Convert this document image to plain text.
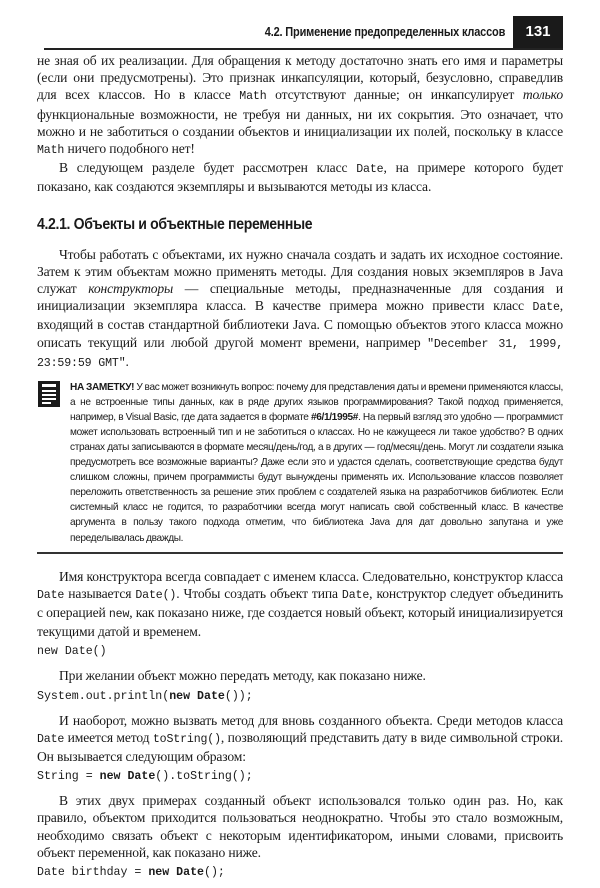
4.2. Применение предопределенных классов	131

не зная об их реализации. Для обращения к методу достаточно знать его имя и параметры (если они предусмотрены). Это признак инкапсуляции, который, безусловно, справедлив для всех классов. Но в классе Math отсутствуют данные; он инкапсулирует только функциональные возможности, не требуя ни данных, ни их сокрытия. Это означает, что можно и не заботиться о создании объектов и инициализации их полей, поскольку в классе Math ничего подобного нет!

В следующем разделе будет рассмотрен класс Date, на примере которого будет показано, как создаются экземпляры и вызываются методы из класса.

4.2.1. Объекты и объектные переменные

Чтобы работать с объектами, их нужно сначала создать и задать их исходное состояние. Затем к этим объектам можно применять методы. Для создания новых экземпляров в Java служат конструкторы — специальные методы, предназначенные для создания и инициализации экземпляра класса. В качестве примера можно привести класс Date, входящий в состав стандартной библиотеки Java. С помощью объектов этого класса можно описать текущий или любой другой момент времени, например "December 31, 1999, 23:59:59 GMT".

НА ЗАМЕТКУ! У вас может возникнуть вопрос: почему для представления даты и времени применяются классы, а не встроенные типы данных, как в ряде других языков программирования? Такой подход применяется, например, в Visual Basic, где дата задается в формате #6/1/1995#. На первый взгляд это удобно — программист может использовать встроенный тип и не заботиться о классах. Но не кажущееся ли такое удобство? В одних странах даты записываются в формате месяц/день/год, а в других — год/месяц/день. Могут ли создатели языка предусмотреть все возможные варианты? Даже если это и удастся сделать, соответствующие средства будут слишком сложны, причем программисты будут вынуждены применять их. Использование классов позволяет переложить ответственность за решение этих проблем с создателей языка на разработчиков библиотек. Если системный класс не годится, то разработчики всегда могут написать свой собственный класс. В качестве аргумента в пользу такого подхода отметим, что библиотека Java для дат довольно запутана и уже переделывалась дважды.

Имя конструктора всегда совпадает с именем класса. Следовательно, конструктор класса Date называется Date(). Чтобы создать объект типа Date, конструктор следует объединить с операцией new, как показано ниже, где создается новый объект, который инициализируется текущими датой и временем.

new Date()

При желании объект можно передать методу, как показано ниже.

System.out.println(new Date());

И наоборот, можно вызвать метод для вновь созданного объекта. Среди методов класса Date имеется метод toString(), позволяющий представить дату в виде символьной строки. Он вызывается следующим образом:

String = new Date().toString();

В этих двух примерах созданный объект использовался только один раз. Но, как правило, объектом приходится пользоваться неоднократно. Чтобы это стало возможным, необходимо связать объект с некоторым идентификатором, иными словами, присвоить объект переменной, как показано ниже.

Date birthday = new Date();
